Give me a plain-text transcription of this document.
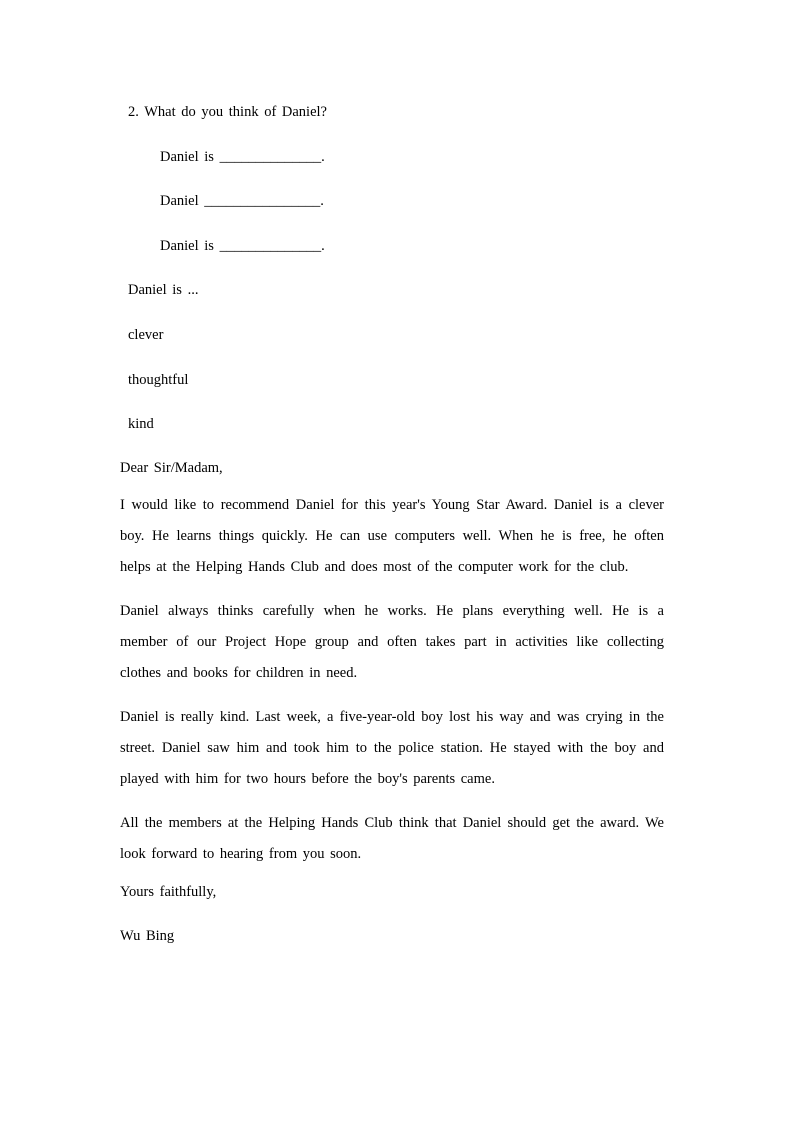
2. What do you think of Daniel?
Daniel is ______________.
Daniel ________________.
Daniel is ______________.
Daniel is ...
clever
thoughtful
kind

Dear Sir/Madam,

I would like to recommend Daniel for this year's Young Star Award. Daniel is a clever boy. He learns things quickly. He can use computers well. When he is free, he often helps at the Helping Hands Club and does most of the computer work for the club.

Daniel always thinks carefully when he works. He plans everything well. He is a member of our Project Hope group and often takes part in activities like collecting clothes and books for children in need.

Daniel is really kind. Last week, a five-year-old boy lost his way and was crying in the street. Daniel saw him and took him to the police station. He stayed with the boy and played with him for two hours before the boy's parents came.

All the members at the Helping Hands Club think that Daniel should get the award. We look forward to hearing from you soon.

Yours faithfully,

Wu Bing
